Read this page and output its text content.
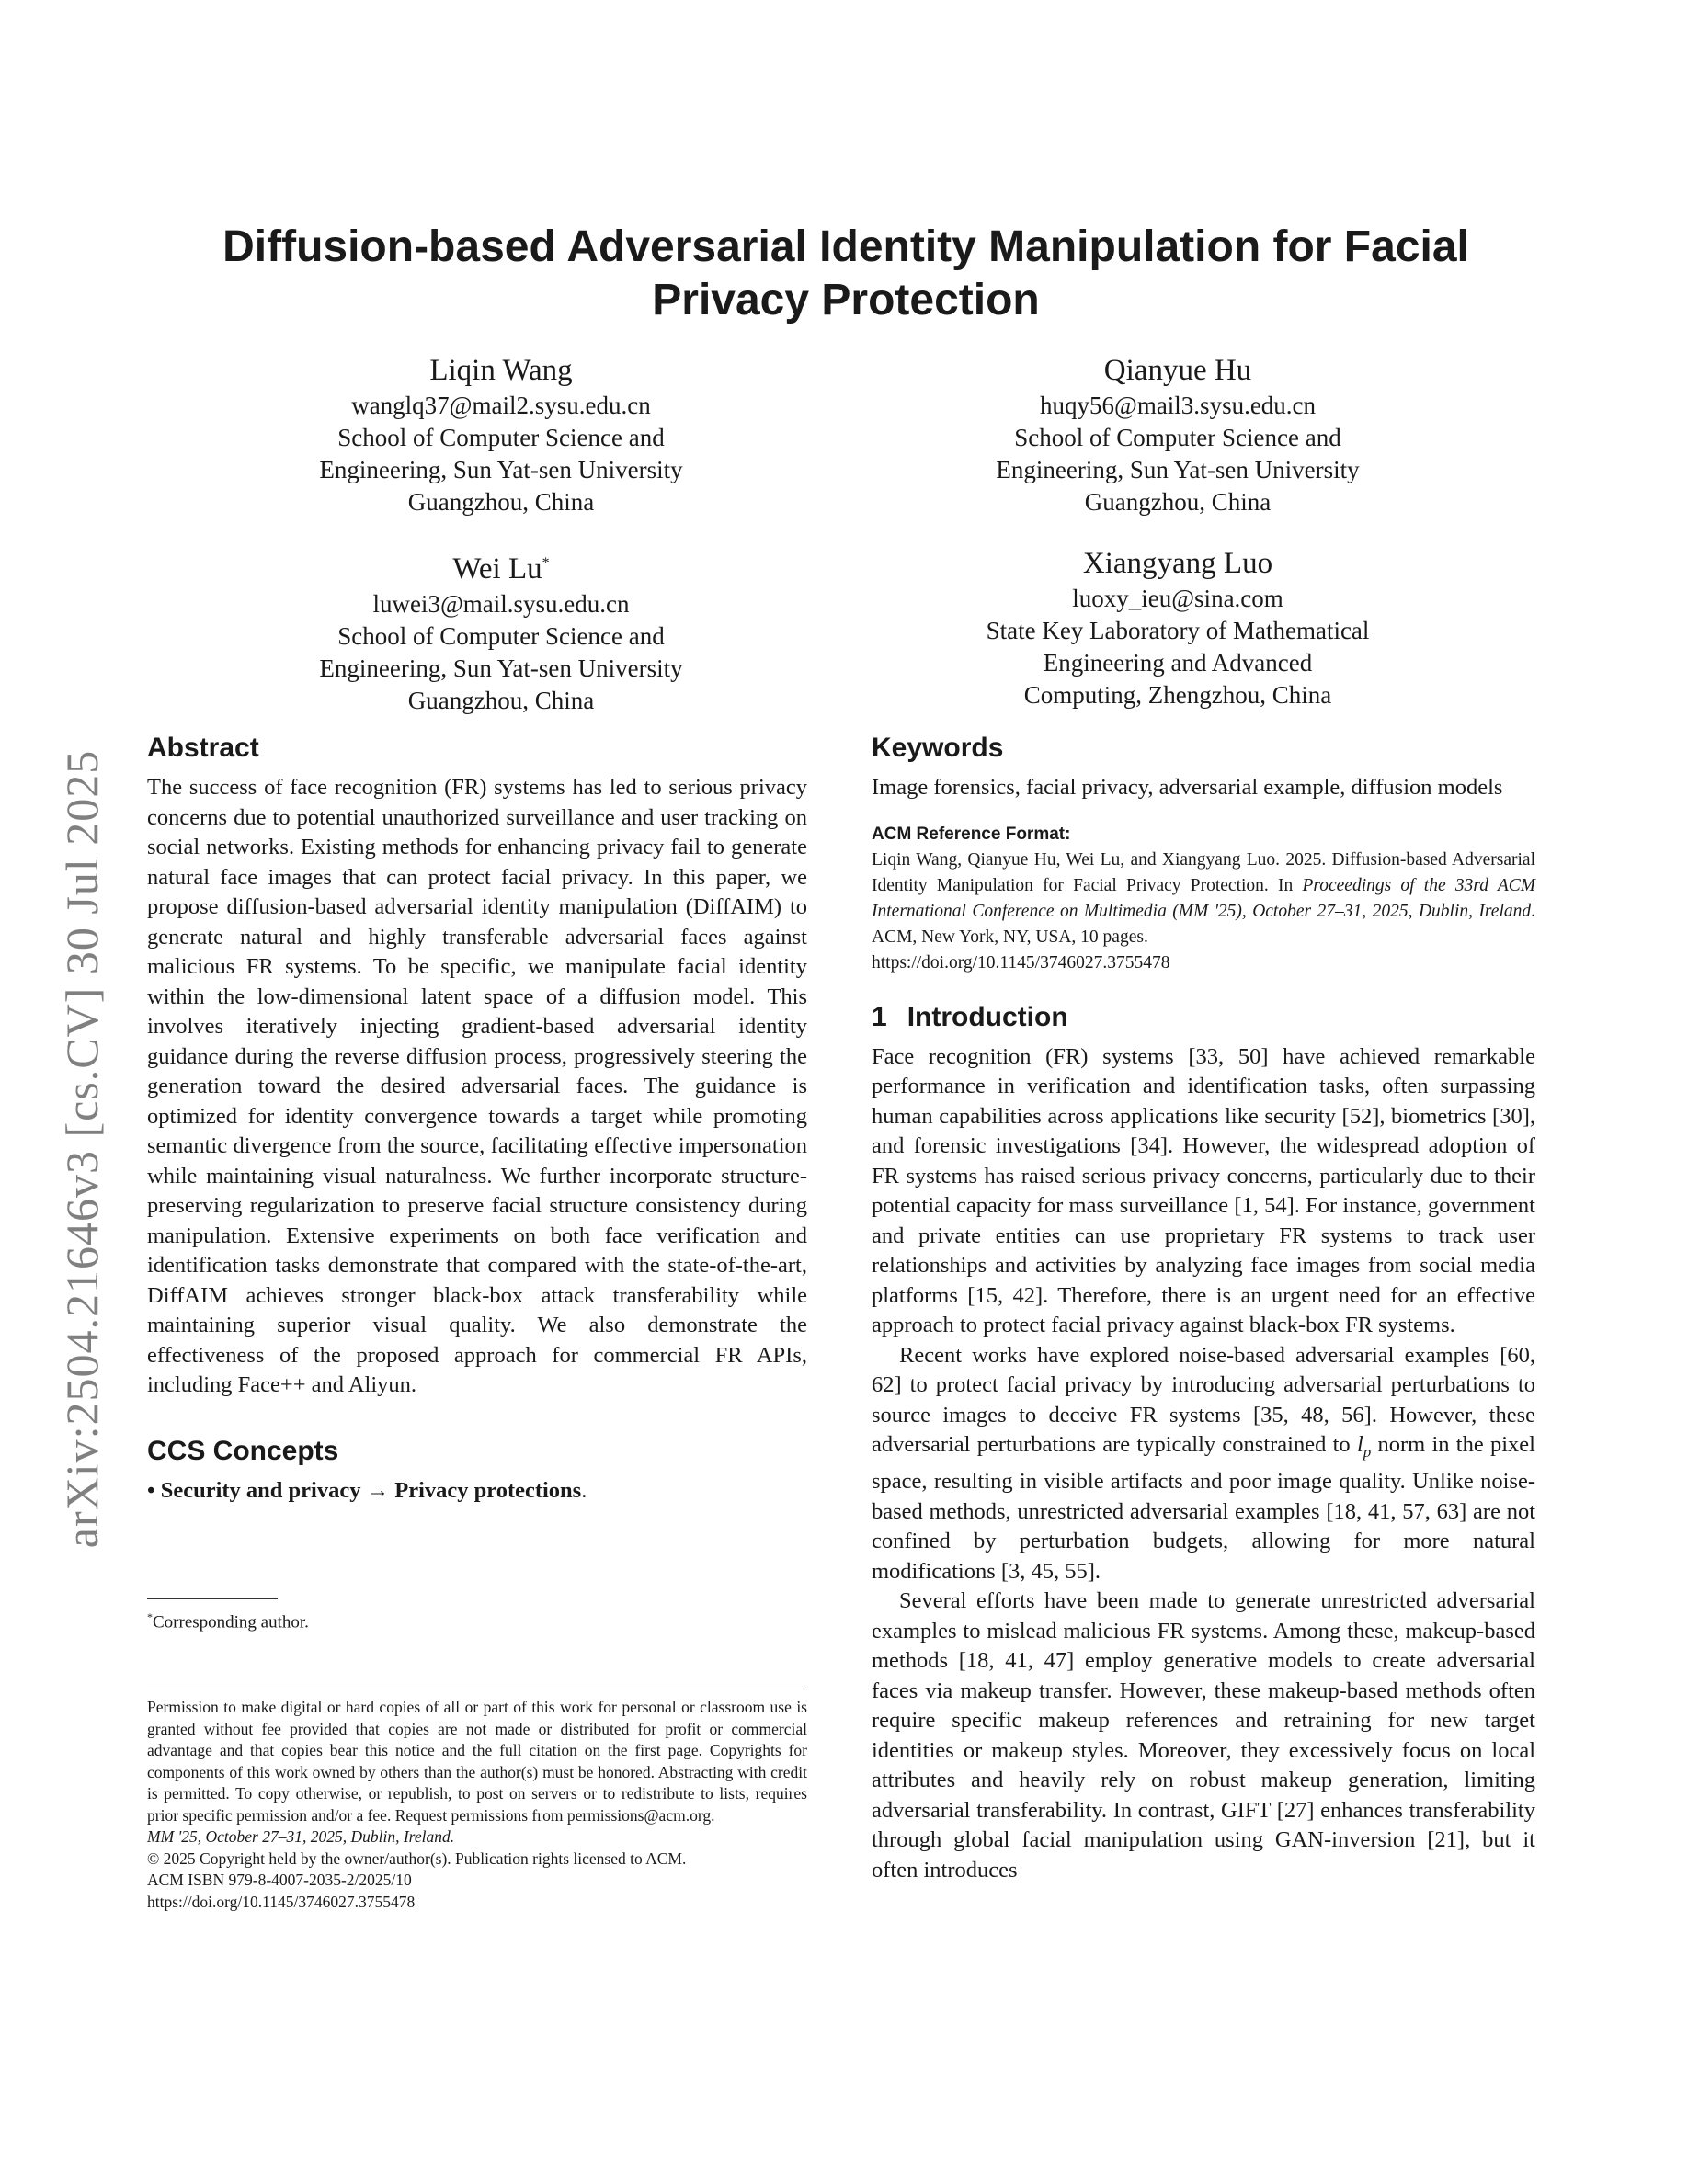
arXiv:2504.21646v3 [cs.CV] 30 Jul 2025
Diffusion-based Adversarial Identity Manipulation for Facial
Privacy Protection
Liqin Wang
wanglq37@mail2.sysu.edu.cn
School of Computer Science and
Engineering, Sun Yat-sen University
Guangzhou, China
Qianyue Hu
huqy56@mail3.sysu.edu.cn
School of Computer Science and
Engineering, Sun Yat-sen University
Guangzhou, China
Wei Lu*
luwei3@mail.sysu.edu.cn
School of Computer Science and
Engineering, Sun Yat-sen University
Guangzhou, China
Xiangyang Luo
luoxy_ieu@sina.com
State Key Laboratory of Mathematical
Engineering and Advanced
Computing, Zhengzhou, China
Abstract

The success of face recognition (FR) systems has led to serious privacy concerns due to potential unauthorized surveillance and user tracking on social networks. Existing methods for enhancing privacy fail to generate natural face images that can protect facial privacy. In this paper, we propose diffusion-based adversarial identity manipulation (DiffAIM) to generate natural and highly transferable adversarial faces against malicious FR systems. To be specific, we manipulate facial identity within the low-dimensional latent space of a diffusion model. This involves iteratively injecting gradient-based adversarial identity guidance during the reverse diffusion process, progressively steering the generation toward the desired adversarial faces. The guidance is optimized for identity convergence towards a target while promoting semantic divergence from the source, facilitating effective impersonation while maintaining visual naturalness. We further incorporate structure-preserving regularization to preserve facial structure consistency during manipulation. Extensive experiments on both face verification and identification tasks demonstrate that compared with the state-of-the-art, DiffAIM achieves stronger black-box attack transferability while maintaining superior visual quality. We also demonstrate the effectiveness of the proposed approach for commercial FR APIs, including Face++ and Aliyun.

CCS Concepts

• Security and privacy → Privacy protections.

*Corresponding author.

Permission to make digital or hard copies of all or part of this work for personal or classroom use is granted without fee provided that copies are not made or distributed for profit or commercial advantage and that copies bear this notice and the full citation on the first page. Copyrights for components of this work owned by others than the author(s) must be honored. Abstracting with credit is permitted. To copy otherwise, or republish, to post on servers or to redistribute to lists, requires prior specific permission and/or a fee. Request permissions from permissions@acm.org.

MM '25, October 27–31, 2025, Dublin, Ireland.

© 2025 Copyright held by the owner/author(s). Publication rights licensed to ACM.

ACM ISBN 979-8-4007-2035-2/2025/10

https://doi.org/10.1145/3746027.3755478

Keywords

Image forensics, facial privacy, adversarial example, diffusion models

ACM Reference Format:

Liqin Wang, Qianyue Hu, Wei Lu, and Xiangyang Luo. 2025. Diffusion-based Adversarial Identity Manipulation for Facial Privacy Protection. In Proceedings of the 33rd ACM International Conference on Multimedia (MM '25), October 27–31, 2025, Dublin, Ireland. ACM, New York, NY, USA, 10 pages.
https://doi.org/10.1145/3746027.3755478

1 Introduction

Face recognition (FR) systems [33, 50] have achieved remarkable performance in verification and identification tasks, often surpassing human capabilities across applications like security [52], biometrics [30], and forensic investigations [34]. However, the widespread adoption of FR systems has raised serious privacy concerns, particularly due to their potential capacity for mass surveillance [1, 54]. For instance, government and private entities can use proprietary FR systems to track user relationships and activities by analyzing face images from social media platforms [15, 42]. Therefore, there is an urgent need for an effective approach to protect facial privacy against black-box FR systems.

Recent works have explored noise-based adversarial examples [60, 62] to protect facial privacy by introducing adversarial perturbations to source images to deceive FR systems [35, 48, 56]. However, these adversarial perturbations are typically constrained to $l_p$ norm in the pixel space, resulting in visible artifacts and poor image quality. Unlike noise-based methods, unrestricted adversarial examples [18, 41, 57, 63] are not confined by perturbation budgets, allowing for more natural modifications [3, 45, 55].

Several efforts have been made to generate unrestricted adversarial examples to mislead malicious FR systems. Among these, makeup-based methods [18, 41, 47] employ generative models to create adversarial faces via makeup transfer. However, these makeup-based methods often require specific makeup references and retraining for new target identities or makeup styles. Moreover, they excessively focus on local attributes and heavily rely on robust makeup generation, limiting adversarial transferability. In contrast, GIFT [27] enhances transferability through global facial manipulation using GAN-inversion [21], but it often introduces
